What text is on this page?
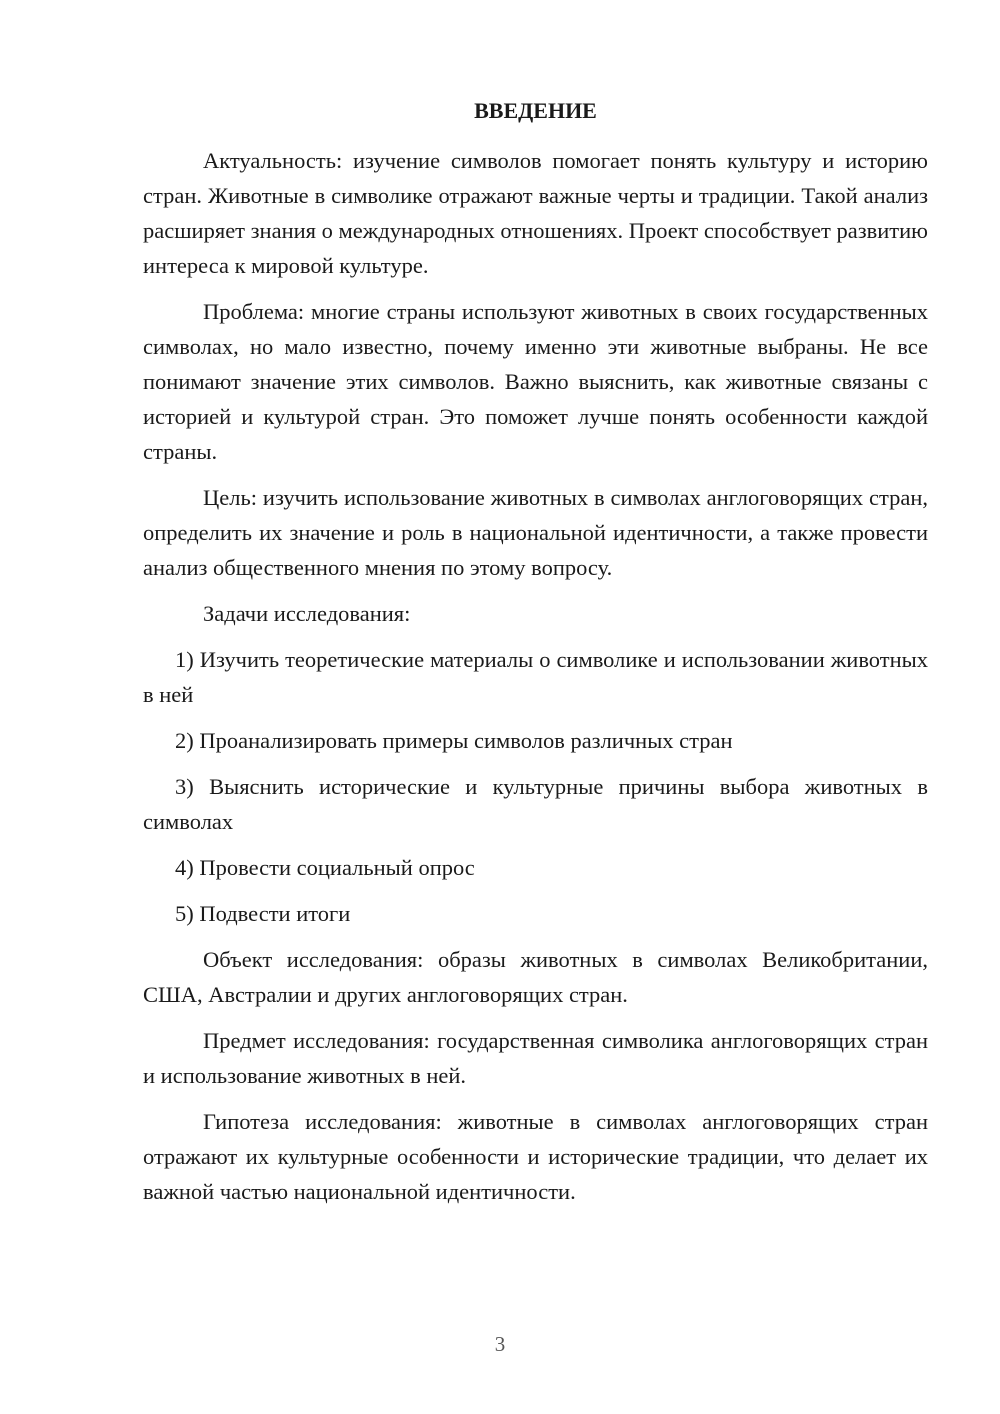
ВВЕДЕНИЕ

Актуальность: изучение символов помогает понять культуру и историю стран. Животные в символике отражают важные черты и традиции. Такой анализ расширяет знания о международных отношениях. Проект способствует развитию интереса к мировой культуре.

Проблема: многие страны используют животных в своих государственных символах, но мало известно, почему именно эти животные выбраны. Не все понимают значение этих символов. Важно выяснить, как животные связаны с историей и культурой стран. Это поможет лучше понять особенности каждой страны.

Цель: изучить использование животных в символах англоговорящих стран, определить их значение и роль в национальной идентичности, а также провести анализ общественного мнения по этому вопросу.

Задачи исследования:

1) Изучить теоретические материалы о символике и использовании животных в ней

2) Проанализировать примеры символов различных стран

3) Выяснить исторические и культурные причины выбора животных в символах

4) Провести социальный опрос

5) Подвести итоги

Объект исследования: образы животных в символах Великобритании, США, Австралии и других англоговорящих стран.

Предмет исследования: государственная символика англоговорящих стран и использование животных в ней.

Гипотеза исследования: животные в символах англоговорящих стран отражают их культурные особенности и исторические традиции, что делает их важной частью национальной идентичности.

3
